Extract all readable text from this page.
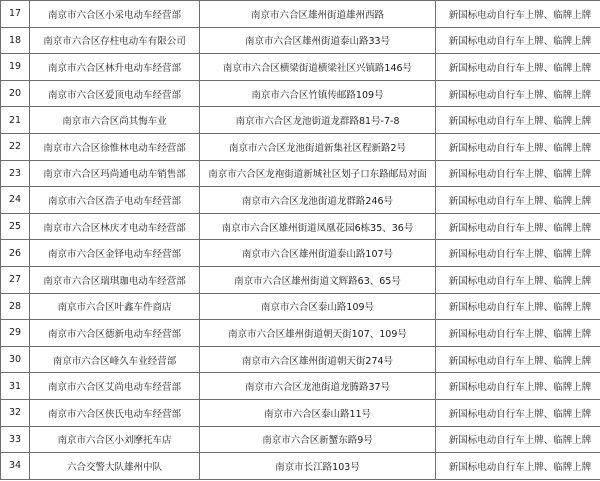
17	南京市六合区小采电动车经营部	南京市六合区雄州街道雄州西路	新国标电动自行车上牌、临牌上牌
18	南京市六合区存柱电动车有限公司	南京市六合区雄州街道泰山路33号	新国标电动自行车上牌、临牌上牌
19	南京市六合区林升电动车经营部	南京市六合区横梁街道横梁社区兴镇路146号	新国标电动自行车上牌、临牌上牌
20	南京市六合区爱顶电动车经营部	南京市六合区竹镇传邮路109号	新国标电动自行车上牌、临牌上牌
21	南京市六合区尚其悔车业	南京市六合区龙池街道龙群路81号-7-8	新国标电动自行车上牌、临牌上牌
22	南京市六合区徐惟林电动车经营部	南京市六合区龙池街道新集社区程新路2号	新国标电动自行车上牌、临牌上牌
23	南京市六合区玛尚通电动车销售部	南京市六合区龙袍街道新城社区划子口东路邮局对面	新国标电动自行车上牌、临牌上牌
24	南京市六合区浩子电动车经营部	南京市六合区龙池街道龙群路246号	新国标电动自行车上牌、临牌上牌
25	南京市六合区林庆才电动车经营部	南京市六合区雄州街道凤凰花园6栋35、36号	新国标电动自行车上牌、临牌上牌
26	南京市六合区金铎电动车经营部	南京市六合区雄州街道泰山路107号	新国标电动自行车上牌、临牌上牌
27	南京市六合区瑞琪珈电动车经营部	南京市六合区雄州街道文辉路63、65号	新国标电动自行车上牌、临牌上牌
28	南京市六合区叶鑫车件商店	南京市六合区泰山路109号	新国标电动自行车上牌、临牌上牌
29	南京市六合区德新电动车经营部	南京市六合区雄州街道朝天街107、109号	新国标电动自行车上牌、临牌上牌
30	南京市六合区峰久车业经营部	南京市六合区雄州街道朝天街274号	新国标电动自行车上牌、临牌上牌
31	南京市六合区艾尚电动车经营部	南京市六合区龙池街道龙腾路37号	新国标电动自行车上牌、临牌上牌
32	南京市六合区侠氏电动车经营部	南京市六合区泰山路11号	新国标电动自行车上牌、临牌上牌
33	南京市六合区小刘摩托车店	南京市六合区新蟹东路9号	新国标电动自行车上牌、临牌上牌
34	六合交警大队雄州中队	南京市长江路103号	新国标电动自行车上牌、临牌上牌
